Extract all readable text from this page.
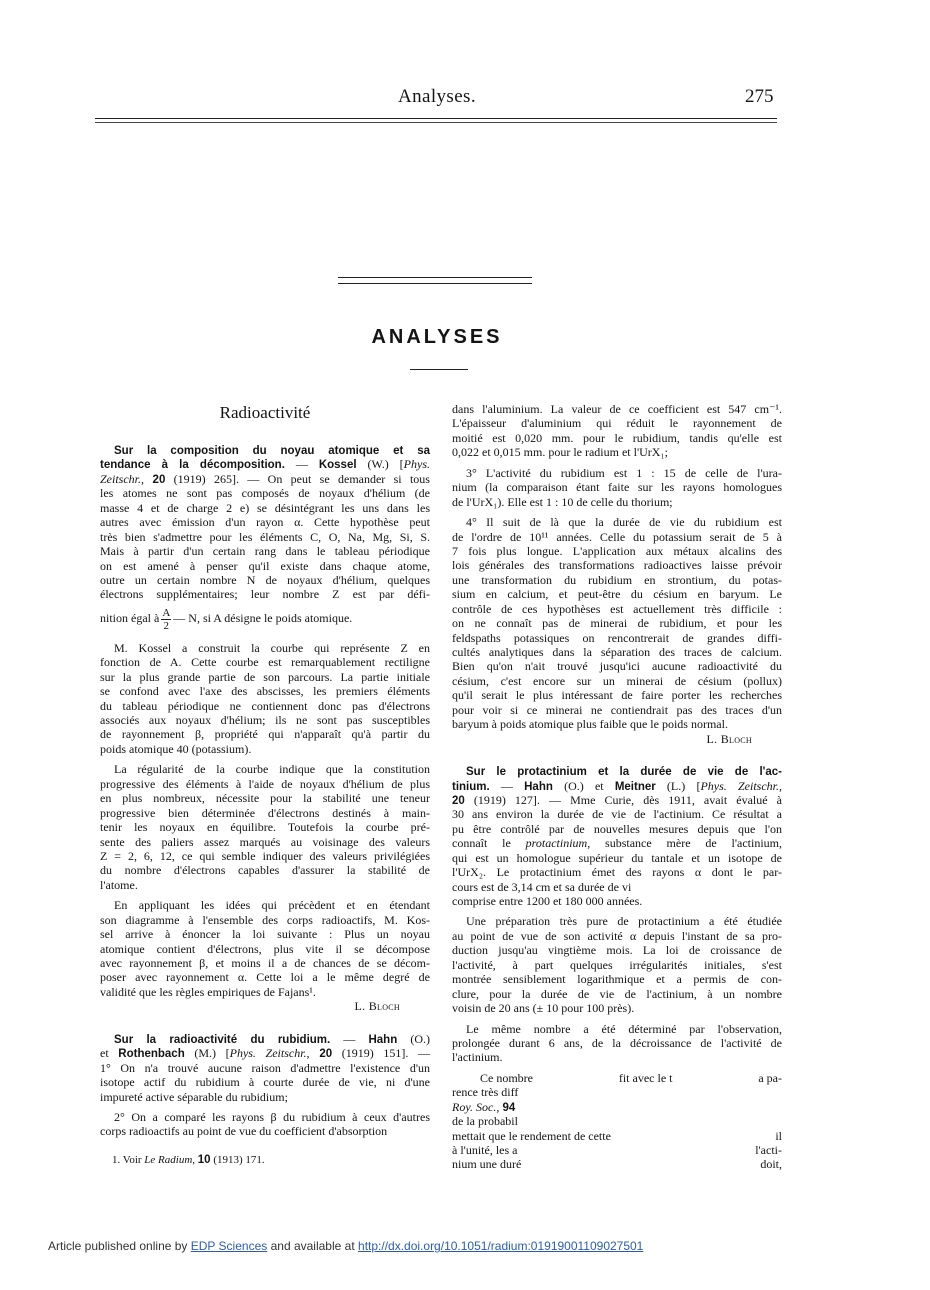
Analyses.	275
ANALYSES
Radioactivité
Sur la composition du noyau atomique et sa
tendance à la décomposition. — Kossel (W.) [Phys.
Zeitschr., 20 (1919) 265]. — On peut se demander si tous
les atomes ne sont pas composés de noyaux d'hélium (de
masse 4 et de charge 2 e) se désintégrant les uns dans les
autres avec émission d'un rayon α. Cette hypothèse peut
très bien s'admettre pour les éléments C, O, Na, Mg, Si, S.
Mais à partir d'un certain rang dans le tableau périodique
on est amené à penser qu'il existe dans chaque atome,
outre un certain nombre N de noyaux d'hélium, quelques
électrons supplémentaires; leur nombre Z est par défi-
nition égal à $\frac{A}{2}$ — N, si A désigne le poids atomique.
M. Kossel a construit la courbe qui représente Z en
fonction de A. Cette courbe est remarquablement rectiligne
sur la plus grande partie de son parcours. La partie initiale
se confond avec l'axe des abscisses, les premiers éléments
du tableau périodique ne contiennent donc pas d'électrons
associés aux noyaux d'hélium; ils ne sont pas susceptibles
de rayonnement β, propriété qui n'apparaît qu'à partir du
poids atomique 40 (potassium).
La régularité de la courbe indique que la constitution
progressive des éléments à l'aide de noyaux d'hélium de plus
en plus nombreux, nécessite pour la stabilité une teneur
progressive bien déterminée d'électrons destinés à main-
tenir les noyaux en équilibre. Toutefois la courbe pré-
sente des paliers assez marqués au voisinage des valeurs
Z = 2, 6, 12, ce qui semble indiquer des valeurs privilégiées
du nombre d'électrons capables d'assurer la stabilité de
l'atome.
En appliquant les idées qui précèdent et en étendant
son diagramme à l'ensemble des corps radioactifs, M. Kos-
sel arrive à énoncer la loi suivante : Plus un noyau
atomique contient d'électrons, plus vite il se décompose
avec rayonnement β, et moins il a de chances de se décom-
poser avec rayonnement α. Cette loi a le même degré de
validité que les règles empiriques de Fajans¹.
L. Bloch
Sur la radioactivité du rubidium. — Hahn (O.)
et Rothenbach (M.) [Phys. Zeitschr., 20 (1919) 151]. —
1° On n'a trouvé aucune raison d'admettre l'existence d'un
isotope actif du rubidium à courte durée de vie, ni d'une
impureté active séparable du rubidium;
2° On a comparé les rayons β du rubidium à ceux d'autres
corps radioactifs au point de vue du coefficient d'absorption
dans l'aluminium. La valeur de ce coefficient est 547 cm⁻¹.
L'épaisseur d'aluminium qui réduit le rayonnement de
moitié est 0,020 mm. pour le rubidium, tandis qu'elle est
0,022 et 0,015 mm. pour le radium et l'UrX₁;
3° L'activité du rubidium est 1 : 15 de celle de l'ura-
nium (la comparaison étant faite sur les rayons homologues
de l'UrX₁). Elle est 1 : 10 de celle du thorium;
4° Il suit de là que la durée de vie du rubidium est
de l'ordre de 10¹¹ années. Celle du potassium serait de 5 à
7 fois plus longue. L'application aux métaux alcalins des
lois générales des transformations radioactives laisse prévoir
une transformation du rubidium en strontium, du potas-
sium en calcium, et peut-être du césium en baryum. Le
contrôle de ces hypothèses est actuellement très difficile :
on ne connaît pas de minerai de rubidium, et pour les
feldspaths potassiques on rencontrerait de grandes diffi-
cultés analytiques dans la séparation des traces de calcium.
Bien qu'on n'ait trouvé jusqu'ici aucune radioactivité du
césium, c'est encore sur un minerai de césium (pollux)
qu'il serait le plus intéressant de faire porter les recherches
pour voir si ce minerai ne contiendrait pas des traces d'un
baryum à poids atomique plus faible que le poids normal.
L. Bloch
Sur le protactinium et la durée de vie de l'ac-
tinium. — Hahn (O.) et Meitner (L.) [Phys. Zeitschr.,
20 (1919) 127]. — Mme Curie, dès 1911, avait évalué à
30 ans environ la durée de vie de l'actinium. Ce résultat a
pu être contrôlé par de nouvelles mesures depuis que l'on
connaît le protactinium, substance mère de l'actinium,
qui est un homologue supérieur du tantale et un isotope de
l'UrX₂. Le protactinium émet des rayons α dont le par-
cours est de 3,14 cm et sa durée de vi
comprise entre 1200 et 180 000 années.
Une préparation très pure de protactinium a été étudiée
au point de vue de son activité α depuis l'instant de sa pro-
duction jusqu'au vingtième mois. La loi de croissance de
l'activité, à part quelques irrégularités initiales, s'est
montrée sensiblement logarithmique et a permis de con-
clure, pour la durée de vie de l'actinium, à un nombre
voisin de 20 ans (± 10 pour 100 près).
Le même nombre a été déterminé par l'observation,
prolongée durant 6 ans, de la décroissance de l'activité de
l'actinium.
Ce nombre	fit avec le t	a pa-
rence très diff
Roy. Soc., 94
de la probabil
mettait que le rendement de cette	il
à l'unité, les a	l'acti-
nium une duré	doit,
1. Voir Le Radium, 10 (1913) 171.
Article published online by EDP Sciences and available at http://dx.doi.org/10.1051/radium:01919001109027501
